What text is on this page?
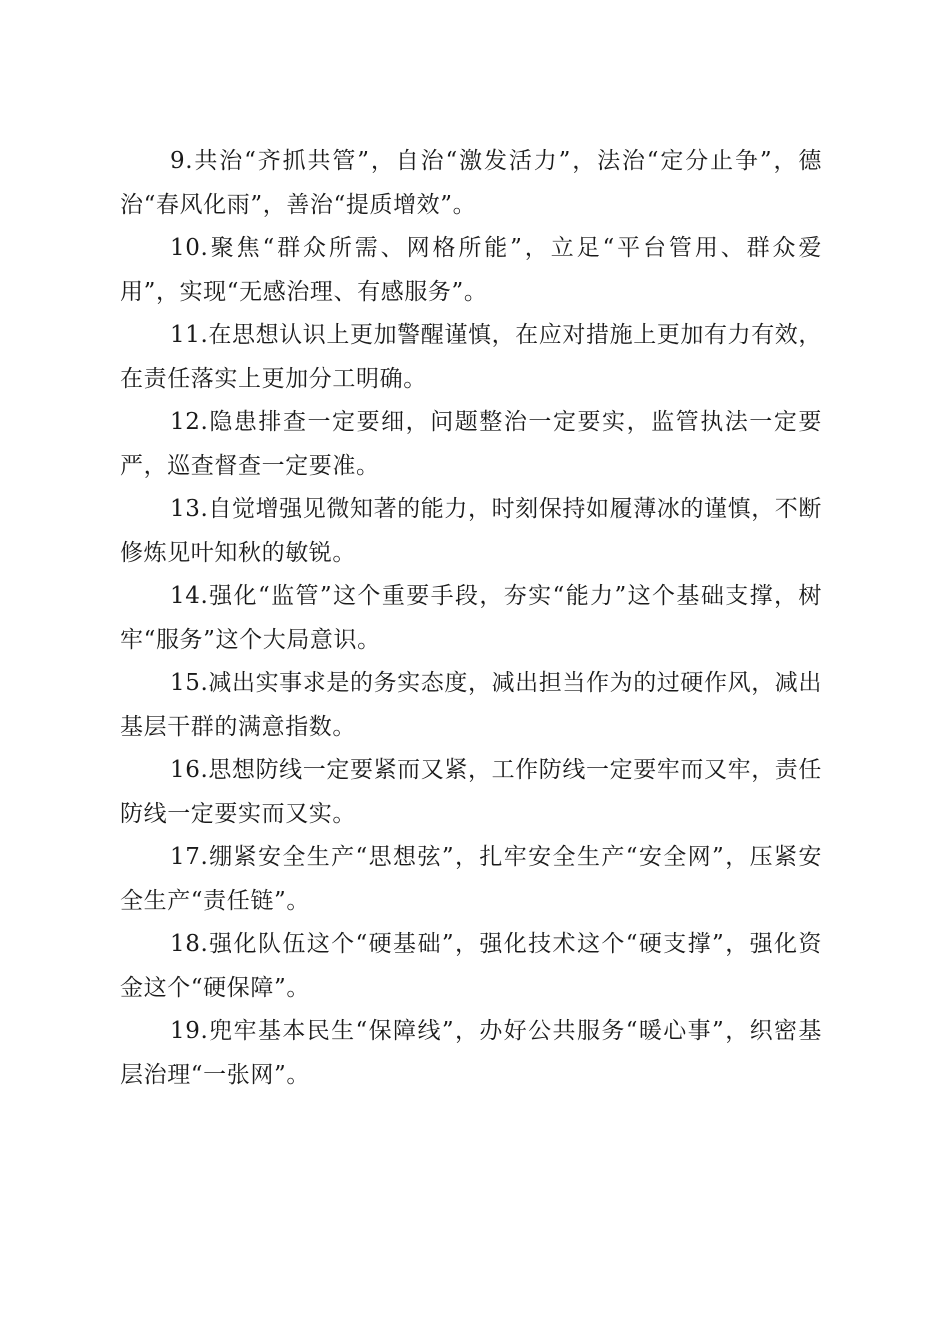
9.共治“齐抓共管”，自治“激发活力”，法治“定分止争”，德治“春风化雨”，善治“提质增效”。

10.聚焦“群众所需、网格所能”，立足“平台管用、群众爱用”，实现“无感治理、有感服务”。

11.在思想认识上更加警醒谨慎，在应对措施上更加有力有效，在责任落实上更加分工明确。

12.隐患排查一定要细，问题整治一定要实，监管执法一定要严，巡查督查一定要准。

13.自觉增强见微知著的能力，时刻保持如履薄冰的谨慎，不断修炼见叶知秋的敏锐。

14.强化“监管”这个重要手段，夯实“能力”这个基础支撑，树牢“服务”这个大局意识。

15.减出实事求是的务实态度，减出担当作为的过硬作风，减出基层干群的满意指数。

16.思想防线一定要紧而又紧，工作防线一定要牢而又牢，责任防线一定要实而又实。

17.绷紧安全生产“思想弦”，扎牢安全生产“安全网”，压紧安全生产“责任链”。

18.强化队伍这个“硬基础”，强化技术这个“硬支撑”，强化资金这个“硬保障”。

19.兜牢基本民生“保障线”，办好公共服务“暖心事”，织密基层治理“一张网”。
